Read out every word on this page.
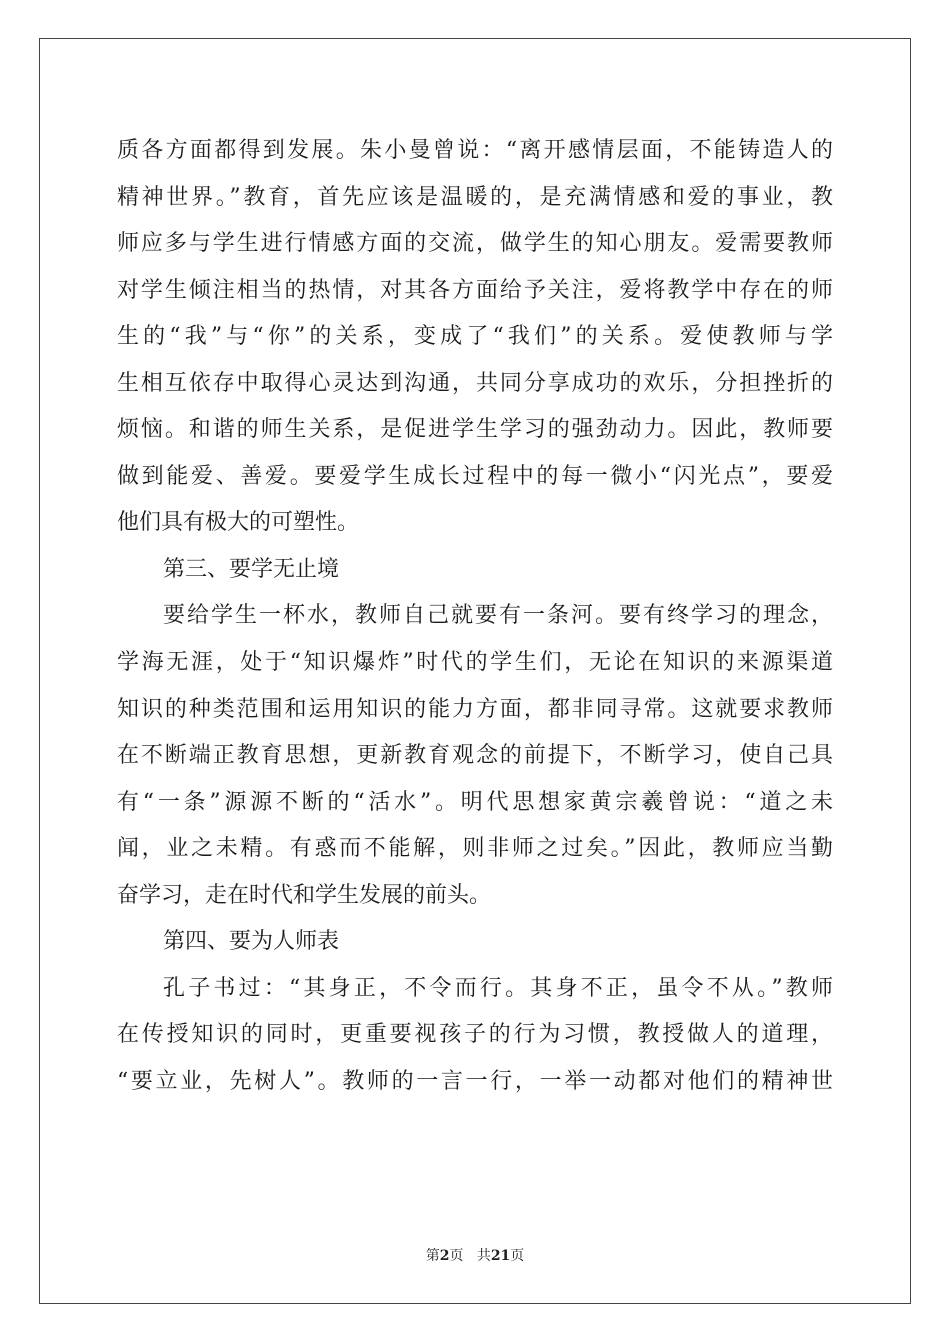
质各方面都得到发展。朱小曼曾说：“离开感情层面，不能铸造人的
精神世界。”教育，首先应该是温暖的，是充满情感和爱的事业，教
师应多与学生进行情感方面的交流，做学生的知心朋友。爱需要教师
对学生倾注相当的热情，对其各方面给予关注，爱将教学中存在的师
生的“我”与“你”的关系，变成了“我们”的关系。爱使教师与学
生相互依存中取得心灵达到沟通，共同分享成功的欢乐，分担挫折的
烦恼。和谐的师生关系，是促进学生学习的强劲动力。因此，教师要
做到能爱、善爱。要爱学生成长过程中的每一微小“闪光点”，要爱
他们具有极大的可塑性。
第三、要学无止境
要给学生一杯水，教师自己就要有一条河。要有终学习的理念，
学海无涯，处于“知识爆炸”时代的学生们，无论在知识的来源渠道
知识的种类范围和运用知识的能力方面，都非同寻常。这就要求教师
在不断端正教育思想，更新教育观念的前提下，不断学习，使自己具
有“一条”源源不断的“活水”。明代思想家黄宗羲曾说：“道之未
闻，业之未精。有惑而不能解，则非师之过矣。”因此，教师应当勤
奋学习，走在时代和学生发展的前头。
第四、要为人师表
孔子书过：“其身正，不令而行。其身不正，虽令不从。”教师
在传授知识的同时，更重要视孩子的行为习惯，教授做人的道理，
“要立业，先树人”。教师的一言一行，一举一动都对他们的精神世
第2页 共21页
